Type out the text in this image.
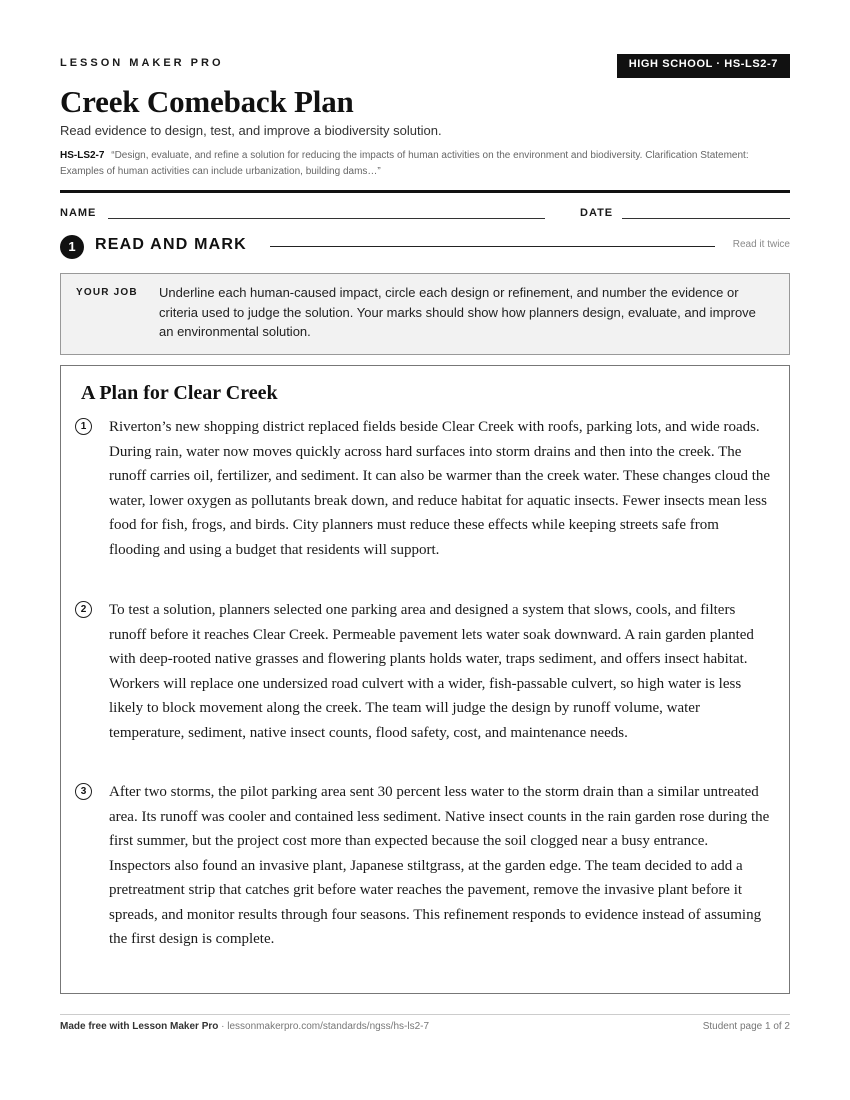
LESSON MAKER PRO	HIGH SCHOOL · HS-LS2-7
Creek Comeback Plan
Read evidence to design, test, and improve a biodiversity solution.
HS-LS2-7 “Design, evaluate, and refine a solution for reducing the impacts of human activities on the environment and biodiversity. Clarification Statement: Examples of human activities can include urbanization, building dams…”
NAME	DATE
1	READ AND MARK	Read it twice
YOUR JOB Underline each human-caused impact, circle each design or refinement, and number the evidence or criteria used to judge the solution. Your marks should show how planners design, evaluate, and improve an environmental solution.
A Plan for Clear Creek
1	Riverton’s new shopping district replaced fields beside Clear Creek with roofs, parking lots, and wide roads. During rain, water now moves quickly across hard surfaces into storm drains and then into the creek. The runoff carries oil, fertilizer, and sediment. It can also be warmer than the creek water. These changes cloud the water, lower oxygen as pollutants break down, and reduce habitat for aquatic insects. Fewer insects mean less food for fish, frogs, and birds. City planners must reduce these effects while keeping streets safe from flooding and using a budget that residents will support.
2	To test a solution, planners selected one parking area and designed a system that slows, cools, and filters runoff before it reaches Clear Creek. Permeable pavement lets water soak downward. A rain garden planted with deep-rooted native grasses and flowering plants holds water, traps sediment, and offers insect habitat. Workers will replace one undersized road culvert with a wider, fish-passable culvert, so high water is less likely to block movement along the creek. The team will judge the design by runoff volume, water temperature, sediment, native insect counts, flood safety, cost, and maintenance needs.
3	After two storms, the pilot parking area sent 30 percent less water to the storm drain than a similar untreated area. Its runoff was cooler and contained less sediment. Native insect counts in the rain garden rose during the first summer, but the project cost more than expected because the soil clogged near a busy entrance. Inspectors also found an invasive plant, Japanese stiltgrass, at the garden edge. The team decided to add a pretreatment strip that catches grit before water reaches the pavement, remove the invasive plant before it spreads, and monitor results through four seasons. This refinement responds to evidence instead of assuming the first design is complete.
Made free with Lesson Maker Pro · lessonmakerpro.com/standards/ngss/hs-ls2-7	Student page 1 of 2
